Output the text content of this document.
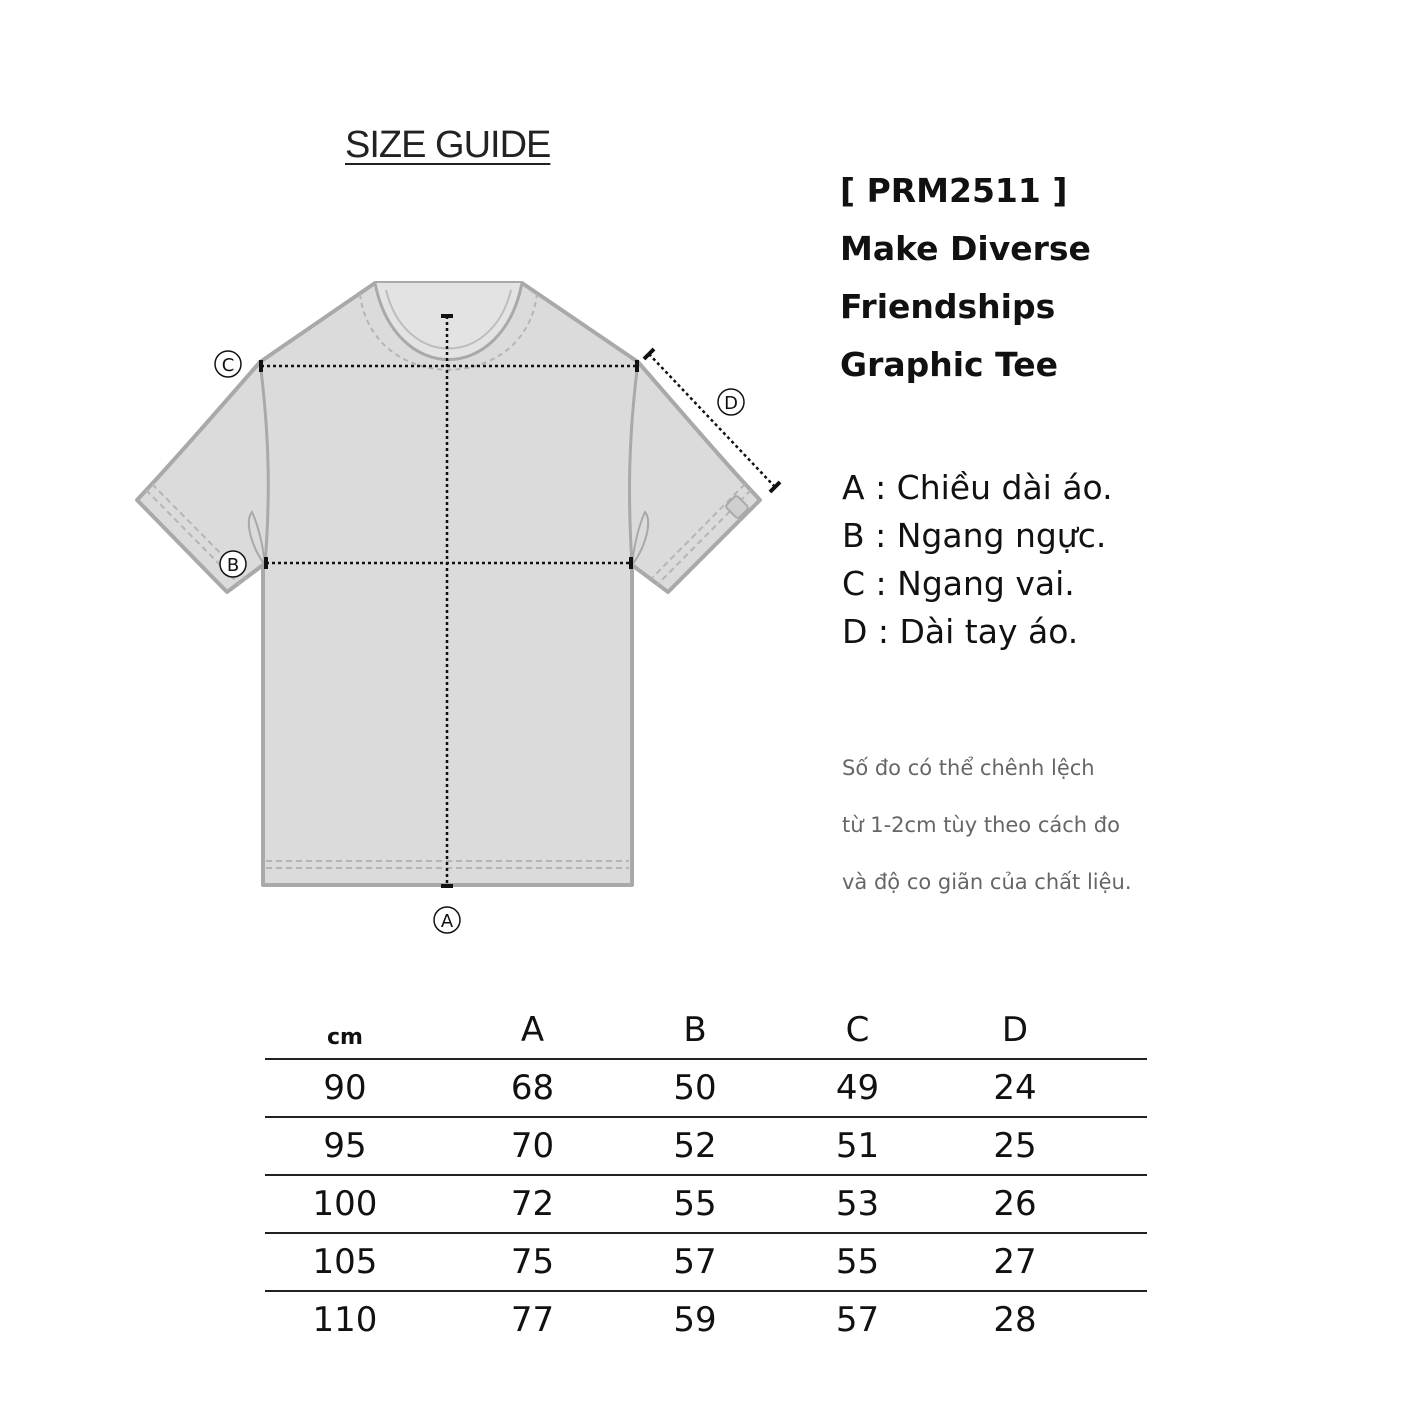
SIZE GUIDE
C
D
B
A
[ PRM2511 ]
Make Diverse
Friendships
Graphic Tee
A : Chiều dài áo.
B : Ngang ngực.
C : Ngang vai.
D : Dài tay áo.
Số đo có thể chênh lệch
từ 1-2cm tùy theo cách đo
và độ co giãn của chất liệu.
cm	A	B	C	D	
90	68	50	49	24	
95	70	52	51	25	
100	72	55	53	26	
105	75	57	55	27	
110	77	59	57	28	
